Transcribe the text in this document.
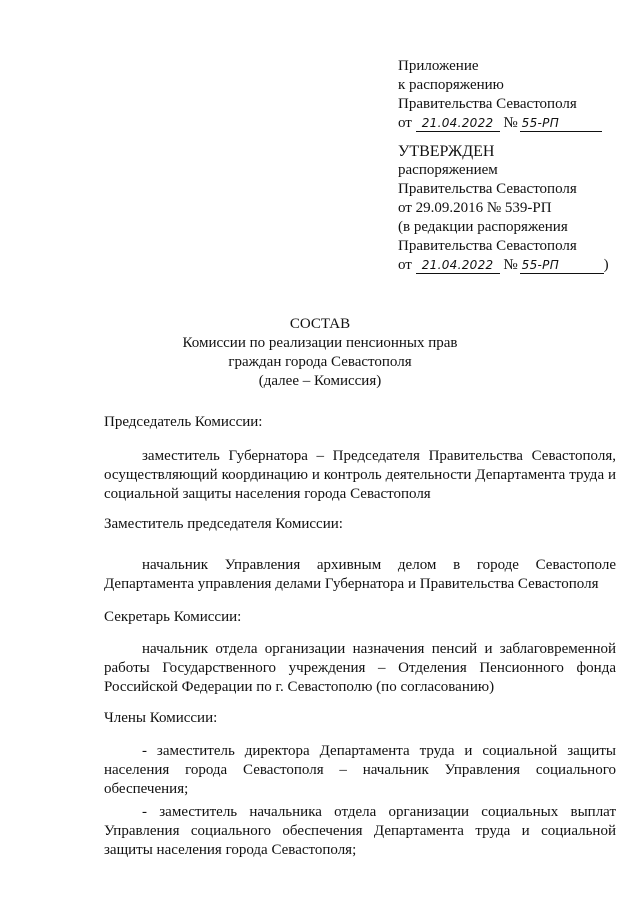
Приложение
к распоряжению
Правительства Севастополя
от 21.04.2022 № 55-РП
УТВЕРЖДЕН
распоряжением
Правительства Севастополя
от 29.09.2016 № 539-РП
(в редакции распоряжения
Правительства Севастополя
от 21.04.2022 № 55-РП	)
СОСТАВ
Комиссии по реализации пенсионных прав
граждан города Севастополя
(далее – Комиссия)
Председатель Комиссии:

заместитель Губернатора – Председателя Правительства Севастополя, осуществляющий координацию и контроль деятельности Департамента труда и социальной защиты населения города Севастополя

Заместитель председателя Комиссии:

начальник Управления архивным делом в городе Севастополе Департамента управления делами Губернатора и Правительства Севастополя

Секретарь Комиссии:

начальник отдела организации назначения пенсий и заблаговременной работы Государственного учреждения – Отделения Пенсионного фонда Российской Федерации по г. Севастополю (по согласованию)

Члены Комиссии:

- заместитель директора Департамента труда и социальной защиты населения города Севастополя – начальник Управления социального обеспечения;

- заместитель начальника отдела организации социальных выплат Управления социального обеспечения Департамента труда и социальной защиты населения города Севастополя;
